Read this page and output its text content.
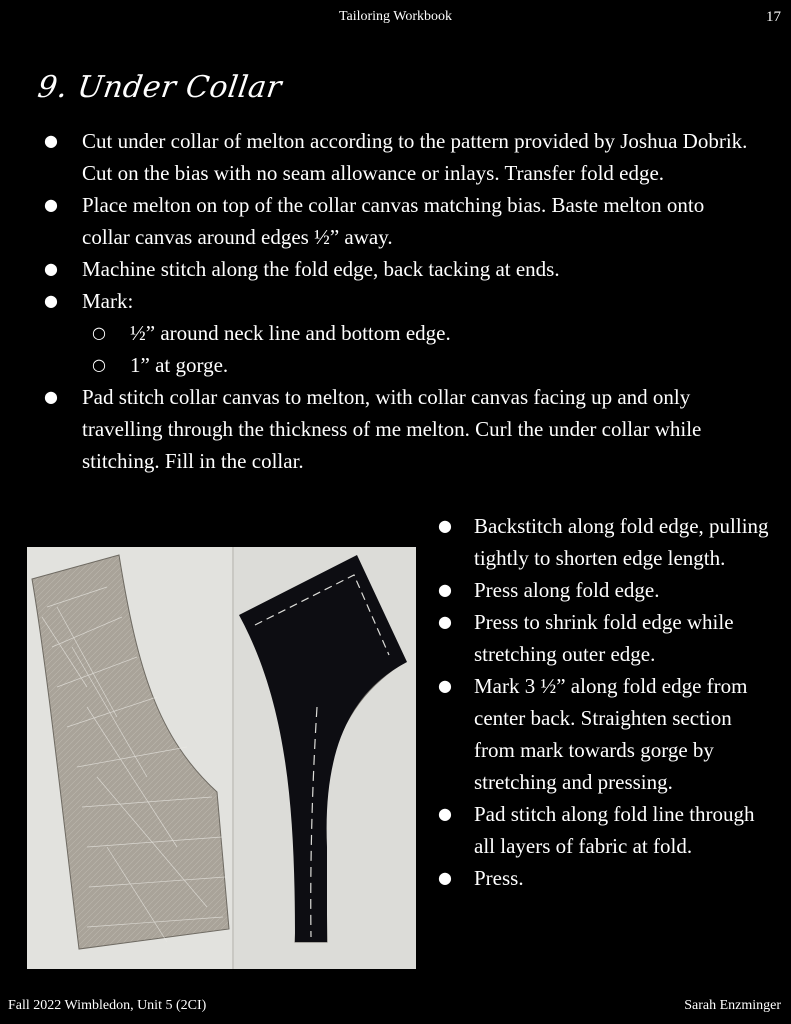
Tailoring Workbook	17
9. Under Collar
● Cut under collar of melton according to the pattern provided by Joshua Dobrik. Cut on the bias with no seam allowance or inlays. Transfer fold edge.
● Place melton on top of the collar canvas matching bias. Baste melton onto collar canvas around edges ½” away.
● Machine stitch along the fold edge, back tacking at ends.
● Mark:
○ ½” around neck line and bottom edge.
○ 1” at gorge.
● Pad stitch collar canvas to melton, with collar canvas facing up and only travelling through the thickness of me melton. Curl the under collar while stitching. Fill in the collar.
● Backstitch along fold edge, pulling tightly to shorten edge length.
● Press along fold edge.
● Press to shrink fold edge while stretching outer edge.
● Mark 3 ½” along fold edge from center back. Straighten section from mark towards gorge by stretching and pressing.
● Pad stitch along fold line through all layers of fabric at fold.
● Press.
Fall 2022 Wimbledon, Unit 5 (2CI)	Sarah Enzminger
